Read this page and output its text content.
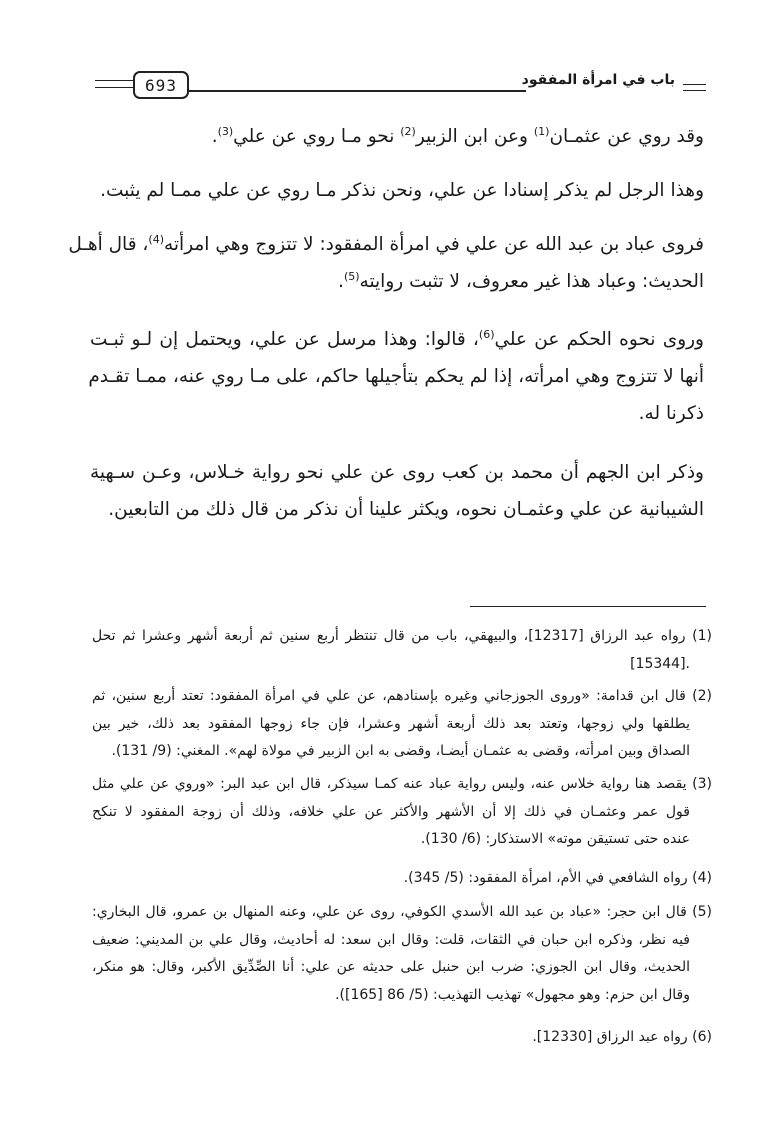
693	باب في امرأة المفقود
وقد روي عن عثمـان$^{(1)}$ وعن ابن الزبير$^{(2)}$ نحو مـا روي عن علي$^{(3)}$.
وهذا الرجل لم يذكر إسنادا عن علي، ونحن نذكر مـا روي عن علي ممـا لم يثبت.
فروى عباد بن عبد الله عن علي في امرأة المفقود: لا تتزوج وهي امرأته$^{(4)}$، قال أهـل
الحديث: وعباد هذا غير معروف، لا تثبت روايته$^{(5)}$.
وروى نحوه الحكم عن علي$^{(6)}$، قالوا: وهذا مرسل عن علي، ويحتمل إن لـو ثبـت
أنها لا تتزوج وهي امرأته، إذا لم يحكم بتأجيلها حاكم، على مـا روي عنه، ممـا تقـدم
ذكرنا له.
وذكر ابن الجهم أن محمد بن كعب روى عن علي نحو رواية خـلاس، وعـن سـهية
الشيبانية عن علي وعثمـان نحوه، ويكثر علينا أن نذكر من قال ذلك من التابعين.
(1) رواه عبد الرزاق [12317]، والبيهقي، باب من قال تنتظر أربع سنين ثم أربعة أشهر وعشرا ثم تحل
.[15344]
(2) قال ابن قدامة: «وروى الجوزجاني وغيره بإسنادهم، عن علي في امرأة المفقود: تعتد أربع سنين، ثم
يطلقها ولي زوجها، وتعتد بعد ذلك أربعة أشهر وعشرا، فإن جاء زوجها المفقود بعد ذلك، خير بين
الصداق وبين امرأته، وقضى به عثمـان أيضـا، وقضى به ابن الزبير في مولاة لهم». المغني: (9/ 131).
(3) يقصد هنا رواية خلاس عنه، وليس رواية عباد عنه كمـا سيذكر، قال ابن عبد البر: «وروي عن علي مثل
قول عمر وعثمـان في ذلك إلا أن الأشهر والأكثر عن علي خلافه، وذلك أن زوجة المفقود لا تنكح
عنده حتى تستيقن موته» الاستذكار: (6/ 130).
(4) رواه الشافعي في الأم، امرأة المفقود: (5/ 345).
(5) قال ابن حجر: «عباد بن عبد الله الأسدي الكوفي، روى عن علي، وعنه المنهال بن عمرو، قال البخاري:
فيه نظر، وذكره ابن حبان في الثقات، قلت: وقال ابن سعد: له أحاديث، وقال علي بن المديني: ضعيف
الحديث، وقال ابن الجوزي: ضرب ابن حنبل على حديثه عن علي: أنا الصِّدِّيق الأكبر، وقال: هو منكر،
وقال ابن حزم: وهو مجهول» تهذيب التهذيب: (5/ 86 [165]).
(6) رواه عبد الرزاق [12330].
